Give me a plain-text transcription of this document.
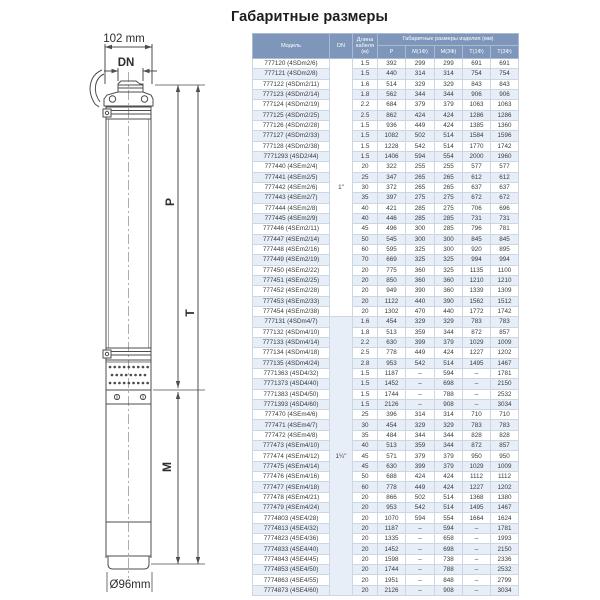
102 mm
DN
P
T
M
Ø96mm
Габаритные размеры
Модель	DN	Длина кабеля (м)	Габаритные размеры изделия (мм)				
			P	М(1Ф)	М(3Ф)	Т(1Ф)	Т(3Ф)
777120 (4SDm2/6)	1"	1.5	392	299	299	691	691
777121 (4SDm2/8)		1.5	440	314	314	754	754
777122 (4SDm2/11)		1.6	514	329	329	843	843
777123 (4SDm2/14)		1.8	562	344	344	906	906
777124 (4SDm2/19)		2.2	684	379	379	1063	1063
777125 (4SDm2/25)		2.5	862	424	424	1286	1286
777126 (4SDm2/28)		1.5	936	449	424	1385	1360
777127 (4SDm2/33)		1.5	1082	502	514	1584	1596
777128 (4SDm2/38)		1.5	1228	542	514	1770	1742
7771293 (4SD2/44)		1.5	1406	594	554	2000	1960
777440 (4SEm2/4)		20	322	255	255	577	577
777441 (4SEm2/5)		25	347	265	265	612	612
777442 (4SEm2/6)		30	372	265	265	637	637
777443 (4SEm2/7)		35	397	275	275	672	672
777444 (4SEm2/8)		40	421	285	275	706	696
777445 (4SEm2/9)		40	446	285	285	731	731
777446 (4SEm2/11)		45	496	300	285	796	781
777447 (4SEm2/14)		50	545	300	300	845	845
777448 (4SEm2/16)		60	595	325	300	920	895
777449 (4SEm2/19)		70	669	325	325	994	994
777450 (4SEm2/22)		20	775	360	325	1135	1100
777451 (4SEm2/25)		20	850	360	360	1210	1210
777452 (4SEm2/28)		20	949	390	360	1339	1309
777453 (4SEm2/33)		20	1122	440	390	1562	1512
777454 (4SEm2/38)		20	1302	470	440	1772	1742
777131 (4SDm4/7)	1¼"	1.6	454	329	329	783	783
777132 (4SDm4/10)		1.8	513	359	344	872	857
777133 (4SDm4/14)		2.2	630	399	379	1029	1009
777134 (4SDm4/18)		2.5	778	449	424	1227	1202
777135 (4SDm4/24)		2.8	953	542	514	1495	1467
7771363 (4SD4/32)		1.5	1187	–	594	–	1781
7771373 (4SD4/40)		1.5	1452	–	698	–	2150
7771383 (4SD4/50)		1.5	1744	–	788	–	2532
7771393 (4SD4/60)		1.5	2126	–	908	–	3034
777470 (4SEm4/6)		25	396	314	314	710	710
777471 (4SEm4/7)		30	454	329	329	783	783
777472 (4SEm4/8)		35	484	344	344	828	828
777473 (4SEm4/10)		40	513	359	344	872	857
777474 (4SEm4/12)		45	571	379	379	950	950
777475 (4SEm4/14)		45	630	399	379	1029	1009
777476 (4SEm4/16)		50	688	424	424	1112	1112
777477 (4SEm4/18)		60	778	449	424	1227	1202
777478 (4SEm4/21)		20	866	502	514	1368	1380
777479 (4SEm4/24)		20	953	542	514	1495	1467
7774803 (4SE4/28)		20	1070	594	554	1664	1624
7774813 (4SE4/32)		20	1187	–	594	–	1781
7774823 (4SE4/36)		20	1335	–	658	–	1993
7774833 (4SE4/40)		20	1452	–	698	–	2150
7774843 (4SE4/45)		20	1598	–	738	–	2336
7774853 (4SE4/50)		20	1744	–	788	–	2532
7774863 (4SE4/55)		20	1951	–	848	–	2799
7774873 (4SE4/60)		20	2126	–	908	–	3034
